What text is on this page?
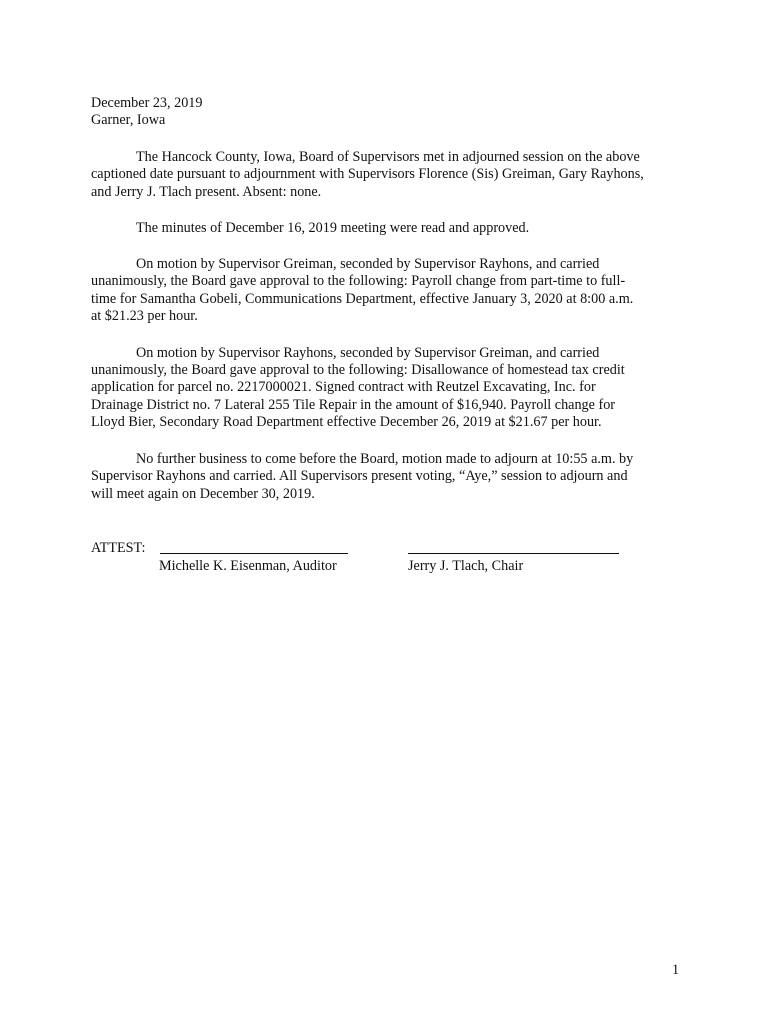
December 23, 2019
Garner, Iowa
The Hancock County, Iowa, Board of Supervisors met in adjourned session on the above
captioned date pursuant to adjournment with Supervisors Florence (Sis) Greiman, Gary Rayhons,
and Jerry J. Tlach present. Absent: none.
The minutes of December 16, 2019 meeting were read and approved.
On motion by Supervisor Greiman, seconded by Supervisor Rayhons, and carried
unanimously, the Board gave approval to the following: Payroll change from part-time to full-
time for Samantha Gobeli, Communications Department, effective January 3, 2020 at 8:00 a.m.
at $21.23 per hour.
On motion by Supervisor Rayhons, seconded by Supervisor Greiman, and carried
unanimously, the Board gave approval to the following: Disallowance of homestead tax credit
application for parcel no. 2217000021. Signed contract with Reutzel Excavating, Inc. for
Drainage District no. 7 Lateral 255 Tile Repair in the amount of $16,940. Payroll change for
Lloyd Bier, Secondary Road Department effective December 26, 2019 at $21.67 per hour.
No further business to come before the Board, motion made to adjourn at 10:55 a.m. by
Supervisor Rayhons and carried. All Supervisors present voting, “Aye,” session to adjourn and
will meet again on December 30, 2019.
ATTEST:
Michelle K. Eisenman, Auditor	Jerry J. Tlach, Chair
1
